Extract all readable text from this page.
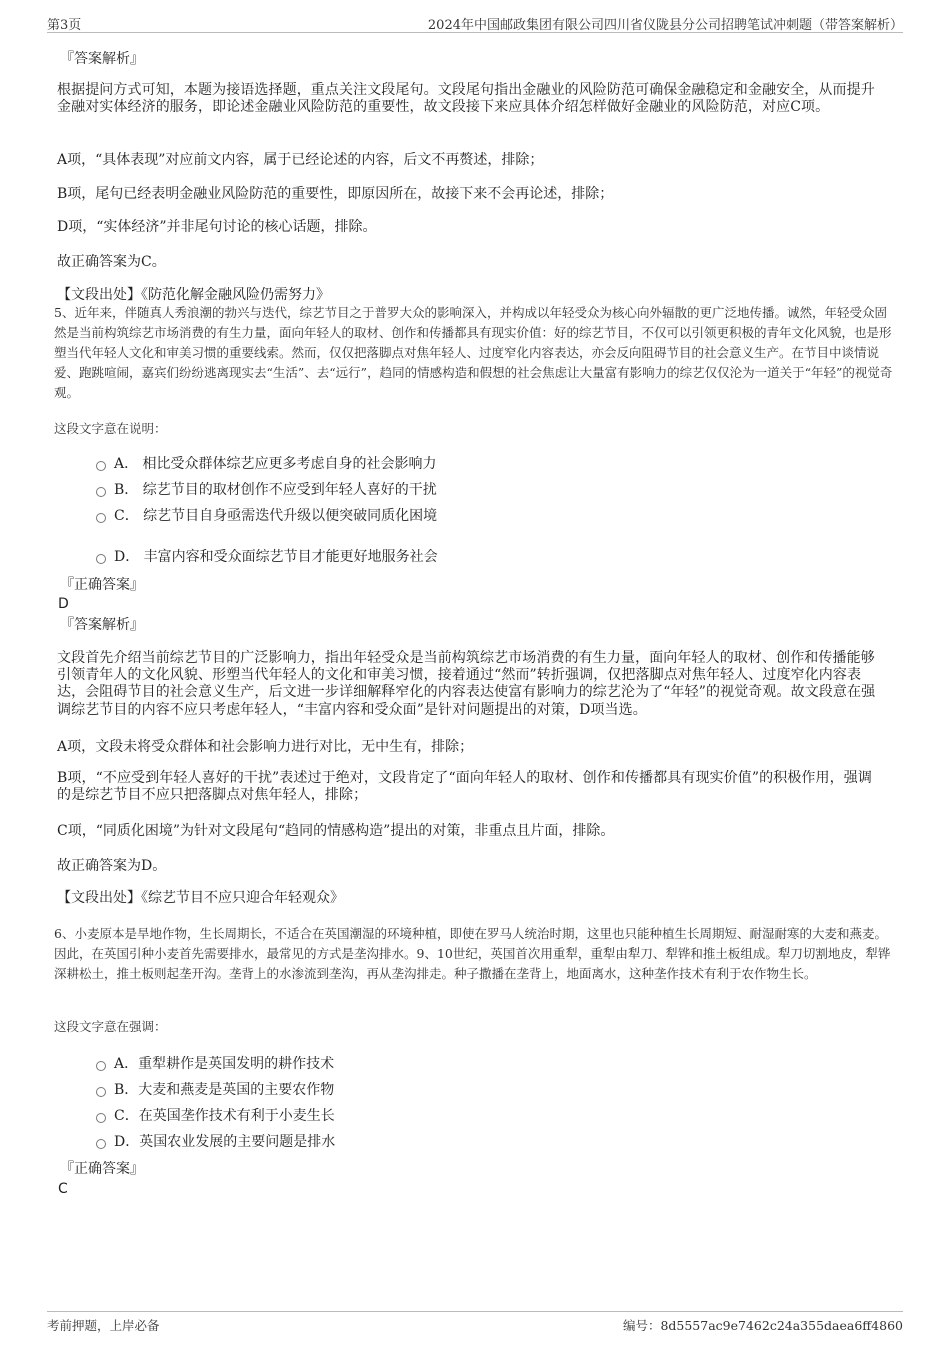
第3页	2024年中国邮政集团有限公司四川省仪陇县分公司招聘笔试冲刺题（带答案解析）
『答案解析』
根据提问方式可知，本题为接语选择题，重点关注文段尾句。文段尾句指出金融业的风险防范可确保金融稳定和金融安全，从而提升金融对实体经济的服务，即论述金融业风险防范的重要性，故文段接下来应具体介绍怎样做好金融业的风险防范，对应C项。
A项，“具体表现”对应前文内容，属于已经论述的内容，后文不再赘述，排除；
B项，尾句已经表明金融业风险防范的重要性，即原因所在，故接下来不会再论述，排除；
D项，“实体经济”并非尾句讨论的核心话题，排除。
故正确答案为C。
【文段出处】《防范化解金融风险仍需努力》
5、近年来，伴随真人秀浪潮的勃兴与迭代，综艺节目之于普罗大众的影响深入，并构成以年轻受众为核心向外辐散的更广泛地传播。诚然，年轻受众固然是当前构筑综艺市场消费的有生力量，面向年轻人的取材、创作和传播都具有现实价值：好的综艺节目，不仅可以引领更积极的青年文化风貌，也是形塑当代年轻人文化和审美习惯的重要线索。然而，仅仅把落脚点对焦年轻人、过度窄化内容表达，亦会反向阻碍节目的社会意义生产。在节目中谈情说爱、跑跳喧闹，嘉宾们纷纷逃离现实去“生活”、去“远行”，趋同的情感构造和假想的社会焦虑让大量富有影响力的综艺仅仅沦为一道关于“年轻”的视觉奇观。
这段文字意在说明：
A． 相比受众群体综艺应更多考虑自身的社会影响力
B． 综艺节目的取材创作不应受到年轻人喜好的干扰
C． 综艺节目自身亟需迭代升级以便突破同质化困境
D． 丰富内容和受众面综艺节目才能更好地服务社会
『正确答案』
D
『答案解析』
文段首先介绍当前综艺节目的广泛影响力，指出年轻受众是当前构筑综艺市场消费的有生力量，面向年轻人的取材、创作和传播能够引领青年人的文化风貌、形塑当代年轻人的文化和审美习惯，接着通过“然而”转折强调，仅把落脚点对焦年轻人、过度窄化内容表达，会阻碍节目的社会意义生产，后文进一步详细解释窄化的内容表达使富有影响力的综艺沦为了“年轻”的视觉奇观。故文段意在强调综艺节目的内容不应只考虑年轻人，“丰富内容和受众面”是针对问题提出的对策，D项当选。
A项，文段未将受众群体和社会影响力进行对比，无中生有，排除；
B项，“不应受到年轻人喜好的干扰”表述过于绝对，文段肯定了“面向年轻人的取材、创作和传播都具有现实价值”的积极作用，强调的是综艺节目不应只把落脚点对焦年轻人，排除；
C项，“同质化困境”为针对文段尾句“趋同的情感构造”提出的对策，非重点且片面，排除。
故正确答案为D。
【文段出处】《综艺节目不应只迎合年轻观众》
6、小麦原本是旱地作物，生长周期长，不适合在英国潮湿的环境种植，即使在罗马人统治时期，这里也只能种植生长周期短、耐湿耐寒的大麦和燕麦。因此，在英国引种小麦首先需要排水，最常见的方式是垄沟排水。9、10世纪，英国首次用重犁，重犁由犁刀、犁铧和推土板组成。犁刀切割地皮，犁铧深耕松土，推土板则起垄开沟。垄背上的水渗流到垄沟，再从垄沟排走。种子撒播在垄背上，地面离水，这种垄作技术有利于农作物生长。
这段文字意在强调：
A．重犁耕作是英国发明的耕作技术
B．大麦和燕麦是英国的主要农作物
C．在英国垄作技术有利于小麦生长
D．英国农业发展的主要问题是排水
『正确答案』
C
考前押题，上岸必备	编号：8d5557ac9e7462c24a355daea6ff4860
